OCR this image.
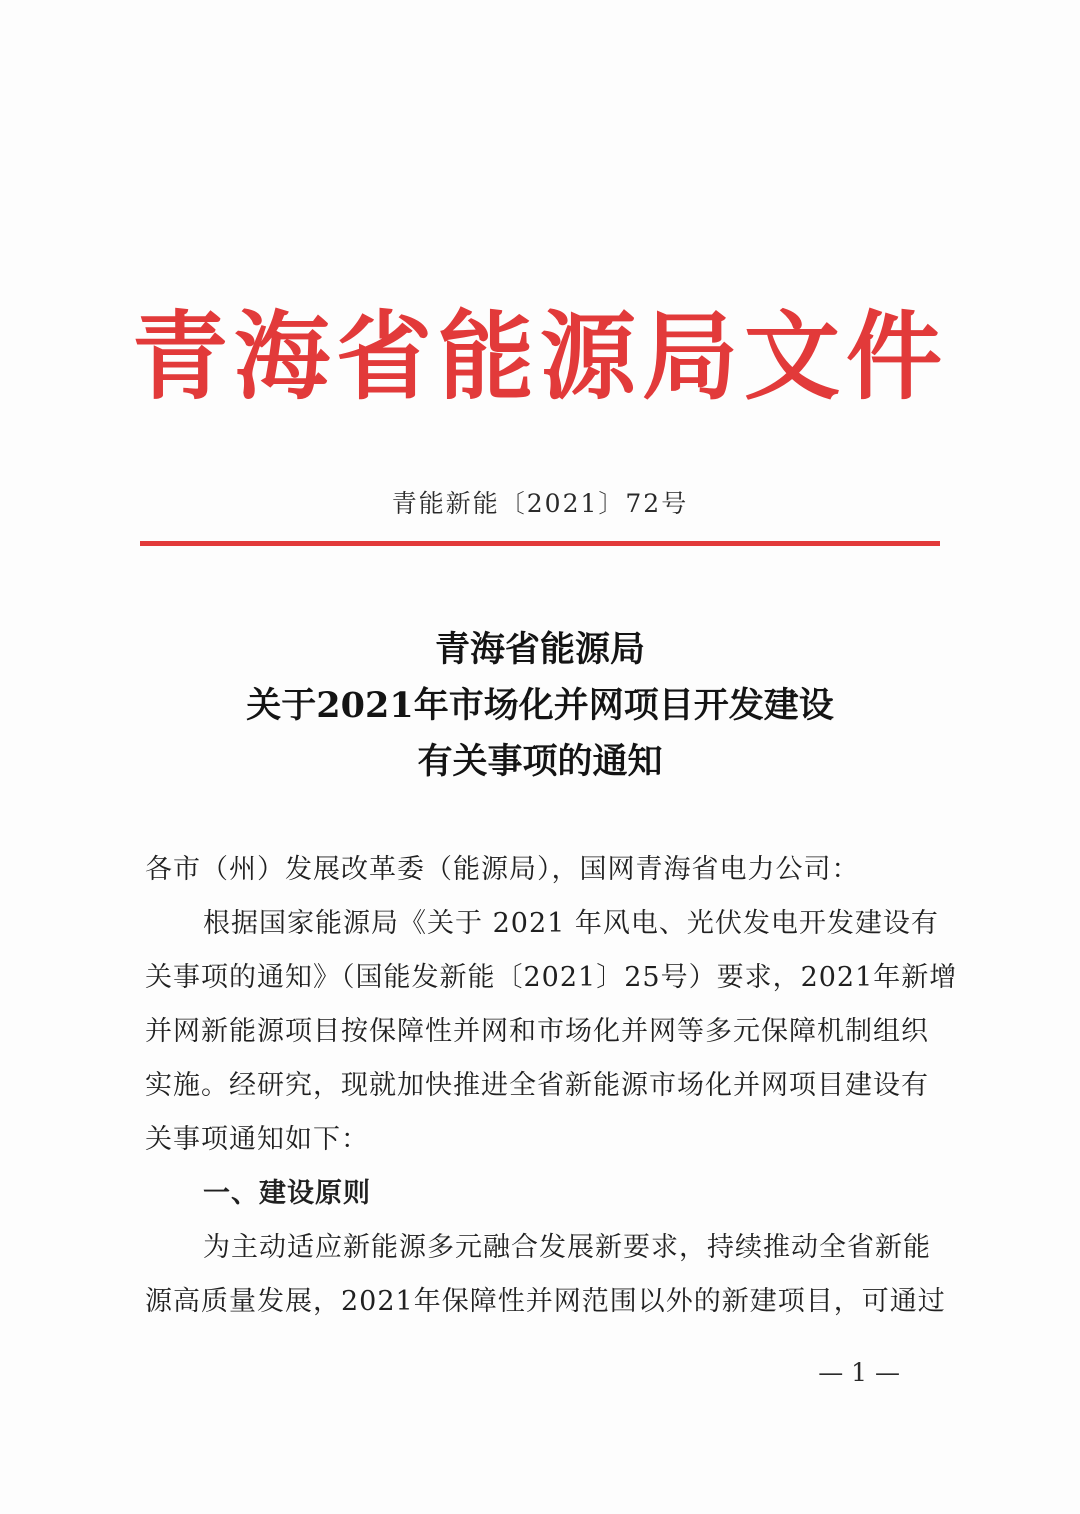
青海省能源局文件
青能新能〔2021〕72号
青海省能源局
关于2021年市场化并网项目开发建设
有关事项的通知
各市（州）发展改革委（能源局），国网青海省电力公司：
根据国家能源局《关于 2021 年风电、光伏发电开发建设有
关事项的通知》（国能发新能〔2021〕25号）要求，2021年新增
并网新能源项目按保障性并网和市场化并网等多元保障机制组织
实施。经研究，现就加快推进全省新能源市场化并网项目建设有
关事项通知如下：
一、建设原则
为主动适应新能源多元融合发展新要求，持续推动全省新能
源高质量发展，2021年保障性并网范围以外的新建项目，可通过
— 1 —
